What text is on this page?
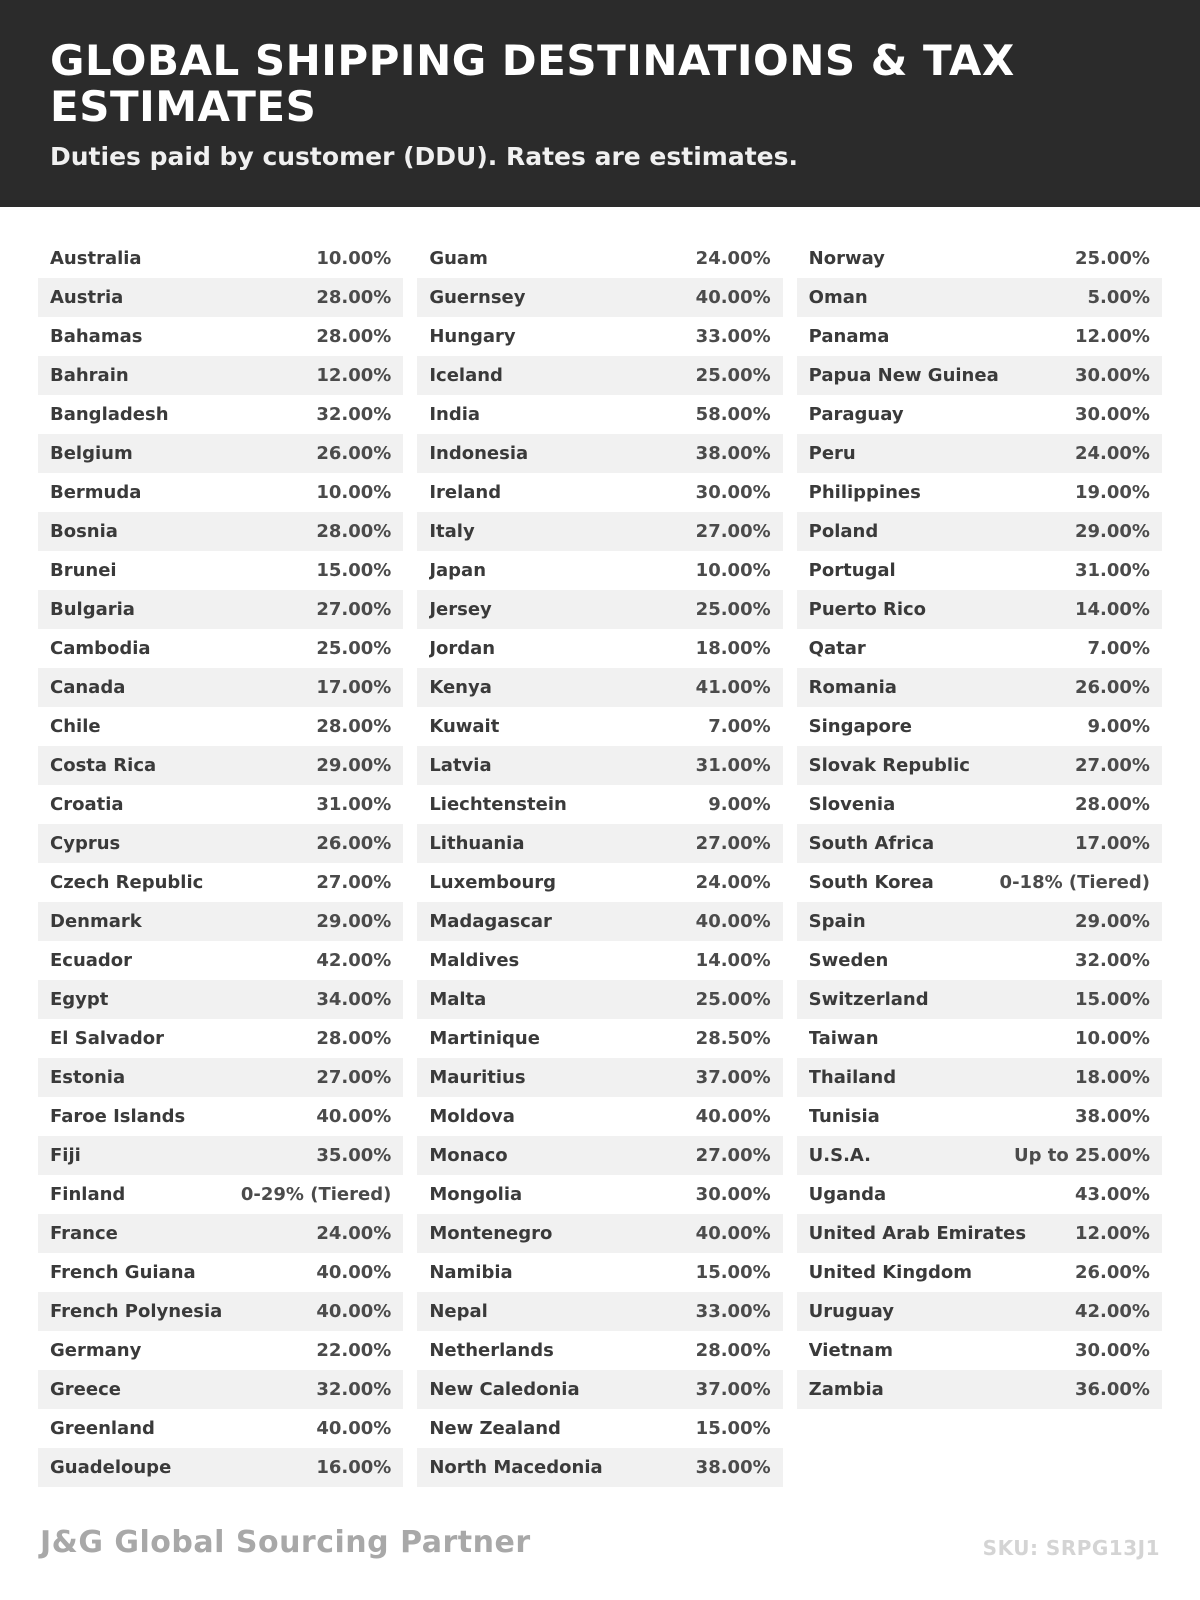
GLOBAL SHIPPING DESTINATIONS & TAX ESTIMATES
Duties paid by customer (DDU). Rates are estimates.
Australia	10.00%
Austria	28.00%
Bahamas	28.00%
Bahrain	12.00%
Bangladesh	32.00%
Belgium	26.00%
Bermuda	10.00%
Bosnia	28.00%
Brunei	15.00%
Bulgaria	27.00%
Cambodia	25.00%
Canada	17.00%
Chile	28.00%
Costa Rica	29.00%
Croatia	31.00%
Cyprus	26.00%
Czech Republic	27.00%
Denmark	29.00%
Ecuador	42.00%
Egypt	34.00%
El Salvador	28.00%
Estonia	27.00%
Faroe Islands	40.00%
Fiji	35.00%
Finland	0-29% (Tiered)
France	24.00%
French Guiana	40.00%
French Polynesia	40.00%
Germany	22.00%
Greece	32.00%
Greenland	40.00%
Guadeloupe	16.00%
Guam	24.00%
Guernsey	40.00%
Hungary	33.00%
Iceland	25.00%
India	58.00%
Indonesia	38.00%
Ireland	30.00%
Italy	27.00%
Japan	10.00%
Jersey	25.00%
Jordan	18.00%
Kenya	41.00%
Kuwait	7.00%
Latvia	31.00%
Liechtenstein	9.00%
Lithuania	27.00%
Luxembourg	24.00%
Madagascar	40.00%
Maldives	14.00%
Malta	25.00%
Martinique	28.50%
Mauritius	37.00%
Moldova	40.00%
Monaco	27.00%
Mongolia	30.00%
Montenegro	40.00%
Namibia	15.00%
Nepal	33.00%
Netherlands	28.00%
New Caledonia	37.00%
New Zealand	15.00%
North Macedonia	38.00%
Norway	25.00%
Oman	5.00%
Panama	12.00%
Papua New Guinea	30.00%
Paraguay	30.00%
Peru	24.00%
Philippines	19.00%
Poland	29.00%
Portugal	31.00%
Puerto Rico	14.00%
Qatar	7.00%
Romania	26.00%
Singapore	9.00%
Slovak Republic	27.00%
Slovenia	28.00%
South Africa	17.00%
South Korea	0-18% (Tiered)
Spain	29.00%
Sweden	32.00%
Switzerland	15.00%
Taiwan	10.00%
Thailand	18.00%
Tunisia	38.00%
U.S.A.	Up to 25.00%
Uganda	43.00%
United Arab Emirates	12.00%
United Kingdom	26.00%
Uruguay	42.00%
Vietnam	30.00%
Zambia	36.00%
J&G Global Sourcing Partner	SKU: SRPG13J1
